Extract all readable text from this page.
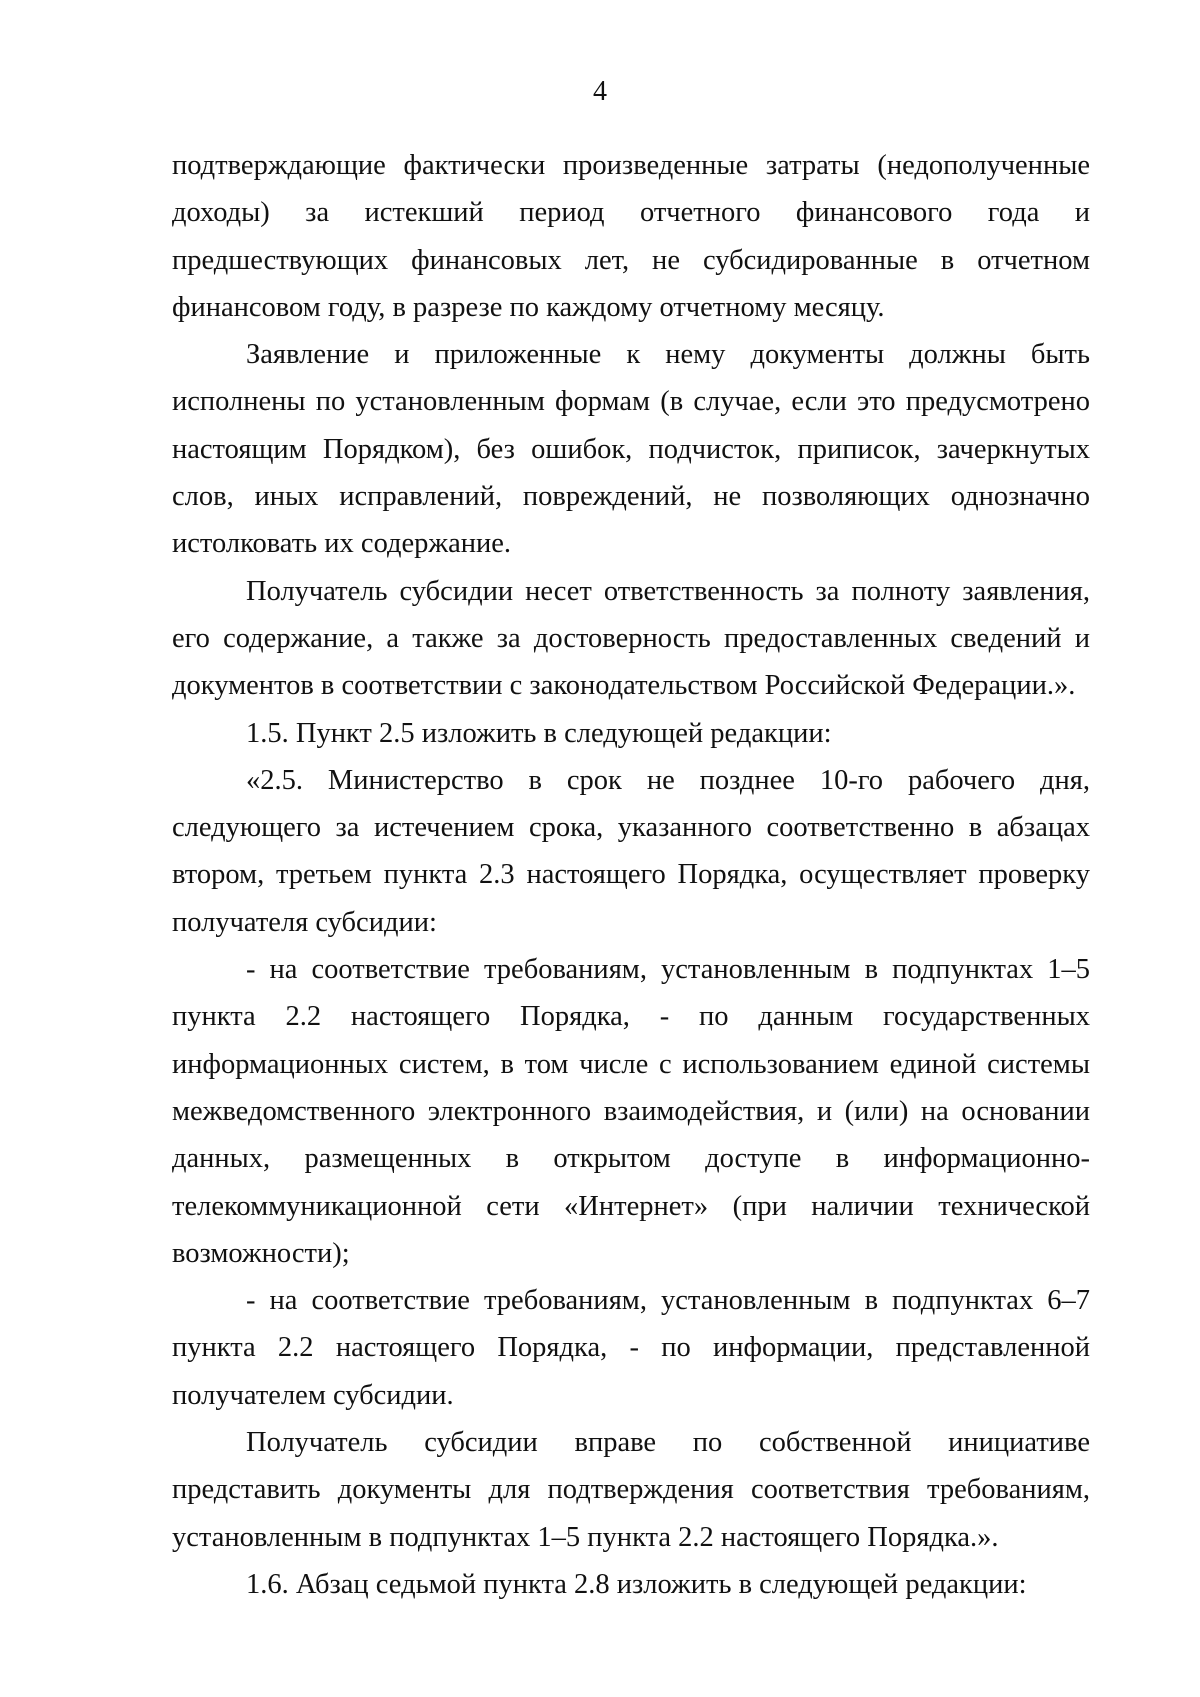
4

подтверждающие фактически произведенные затраты (недополученные доходы) за истекший период отчетного финансового года и предшествующих финансовых лет, не субсидированные в отчетном финансовом году, в разрезе по каждому отчетному месяцу.

Заявление и приложенные к нему документы должны быть исполнены по установленным формам (в случае, если это предусмотрено настоящим Порядком), без ошибок, подчисток, приписок, зачеркнутых слов, иных исправлений, повреждений, не позволяющих однозначно истолковать их содержание.

Получатель субсидии несет ответственность за полноту заявления, его содержание, а также за достоверность предоставленных сведений и документов в соответствии с законодательством Российской Федерации.».

1.5. Пункт 2.5 изложить в следующей редакции:

«2.5. Министерство в срок не позднее 10-го рабочего дня, следующего за истечением срока, указанного соответственно в абзацах втором, третьем пункта 2.3 настоящего Порядка, осуществляет проверку получателя субсидии:

- на соответствие требованиям, установленным в подпунктах 1–5 пункта 2.2 настоящего Порядка, - по данным государственных информационных систем, в том числе с использованием единой системы межведомственного электронного взаимодействия, и (или) на основании данных, размещенных в открытом доступе в информационно-телекоммуникационной сети «Интернет» (при наличии технической возможности);

- на соответствие требованиям, установленным в подпунктах 6–7 пункта 2.2 настоящего Порядка, - по информации, представленной получателем субсидии.

Получатель субсидии вправе по собственной инициативе представить документы для подтверждения соответствия требованиям, установленным в подпунктах 1–5 пункта 2.2 настоящего Порядка.».

1.6. Абзац седьмой пункта 2.8 изложить в следующей редакции:
